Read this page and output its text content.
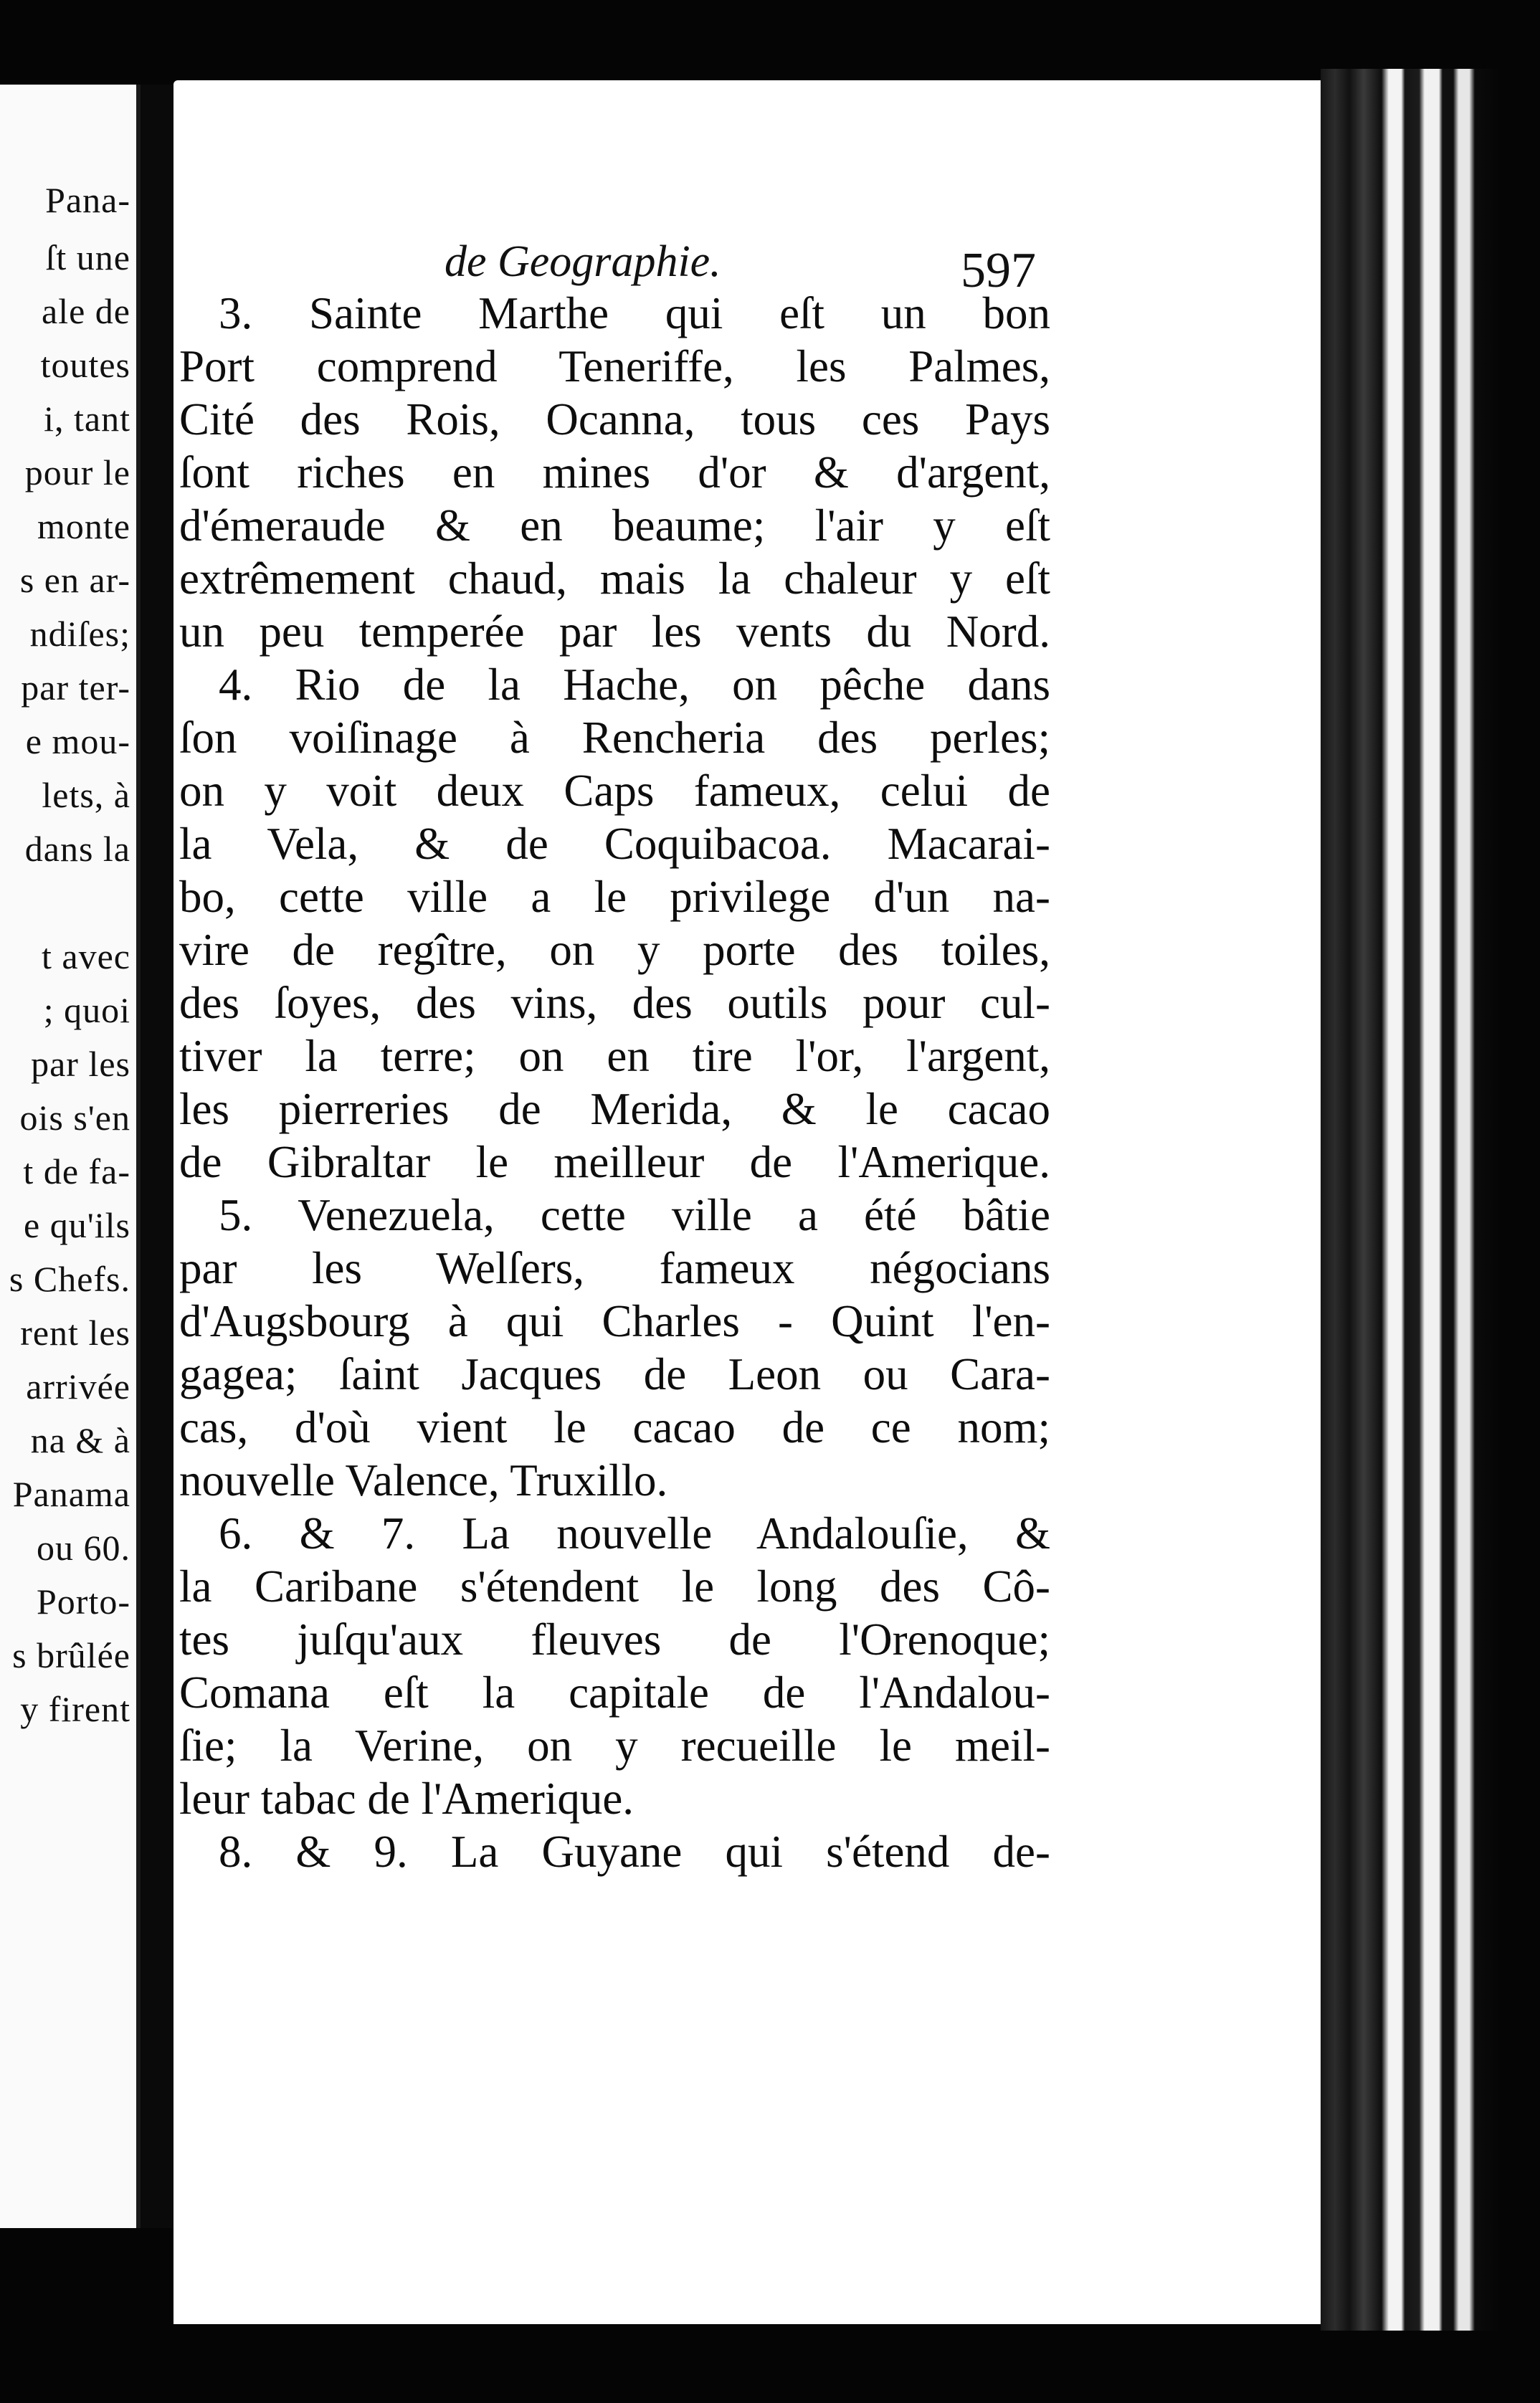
Pana-
ſt une
ale de
toutes
i, tant
pour le
monte
s en ar-
ndiſes;
par ter-
e mou-
lets, à
dans la
t avec
; quoi
par les
ois s'en
t de fa-
e qu'ils
s Chefs.
rent les
arrivée
na & à
Panama
ou 60.
Porto-
s brûlée
y firent
de Geographie.	597
3. Sainte Marthe qui eſt un bon
Port comprend Teneriffe, les Palmes,
Cité des Rois, Ocanna, tous ces Pays
ſont riches en mines d'or & d'argent,
d'émeraude & en beaume; l'air y eſt
extrêmement chaud, mais la chaleur y eſt
un peu temperée par les vents du Nord.
4. Rio de la Hache, on pêche dans
ſon voiſinage à Rencheria des perles;
on y voit deux Caps fameux, celui de
la Vela, & de Coquibacoa. Macarai-
bo, cette ville a le privilege d'un na-
vire de regître, on y porte des toiles,
des ſoyes, des vins, des outils pour cul-
tiver la terre; on en tire l'or, l'argent,
les pierreries de Merida, & le cacao
de Gibraltar le meilleur de l'Amerique.
5. Venezuela, cette ville a été bâtie
par les Welſers, fameux négocians
d'Augsbourg à qui Charles - Quint l'en-
gagea; ſaint Jacques de Leon ou Cara-
cas, d'où vient le cacao de ce nom;
nouvelle Valence, Truxillo.
6. & 7. La nouvelle Andalouſie, &
la Caribane s'étendent le long des Cô-
tes juſqu'aux fleuves de l'Orenoque;
Comana eſt la capitale de l'Andalou-
ſie; la Verine, on y recueille le meil-
leur tabac de l'Amerique.
8. & 9. La Guyane qui s'étend de-
